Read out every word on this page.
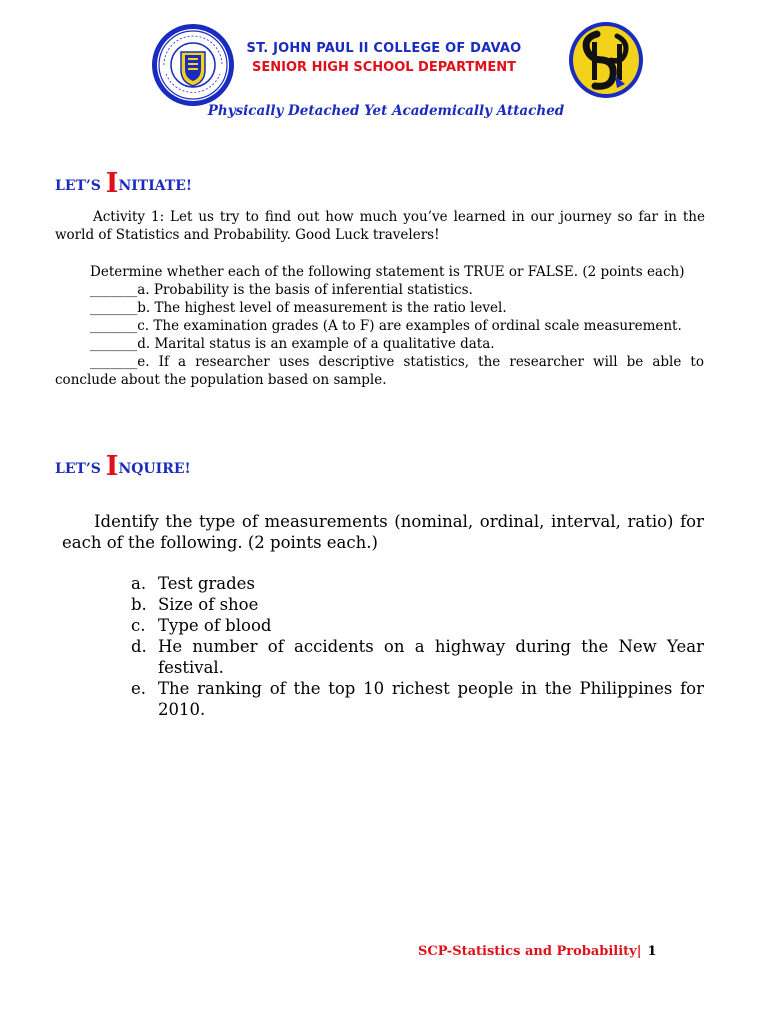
ST. JOHN PAUL II COLLEGE OF DAVAO
SENIOR HIGH SCHOOL DEPARTMENT
Physically Detached Yet Academically Attached
LET’S INITIATE!
Activity 1: Let us try to find out how much you’ve learned in our journey so far in the world of Statistics and Probability. Good Luck travelers!
Determine whether each of the following statement is TRUE or FALSE. (2 points each)
_______a. Probability is the basis of inferential statistics.
_______b. The highest level of measurement is the ratio level.
_______c. The examination grades (A to F) are examples of ordinal scale measurement.
_______d. Marital status is an example of a qualitative data.
_______e. If a researcher uses descriptive statistics, the researcher will be able to conclude about the population based on sample.
LET’S INQUIRE!
Identify the type of measurements (nominal, ordinal, interval, ratio) for each of the following. (2 points each.)
a. Test grades
b. Size of shoe
c. Type of blood
d. He number of accidents on a highway during the New Year festival.
e. The ranking of the top 10 richest people in the Philippines for 2010.
SCP-Statistics and Probability| 1
